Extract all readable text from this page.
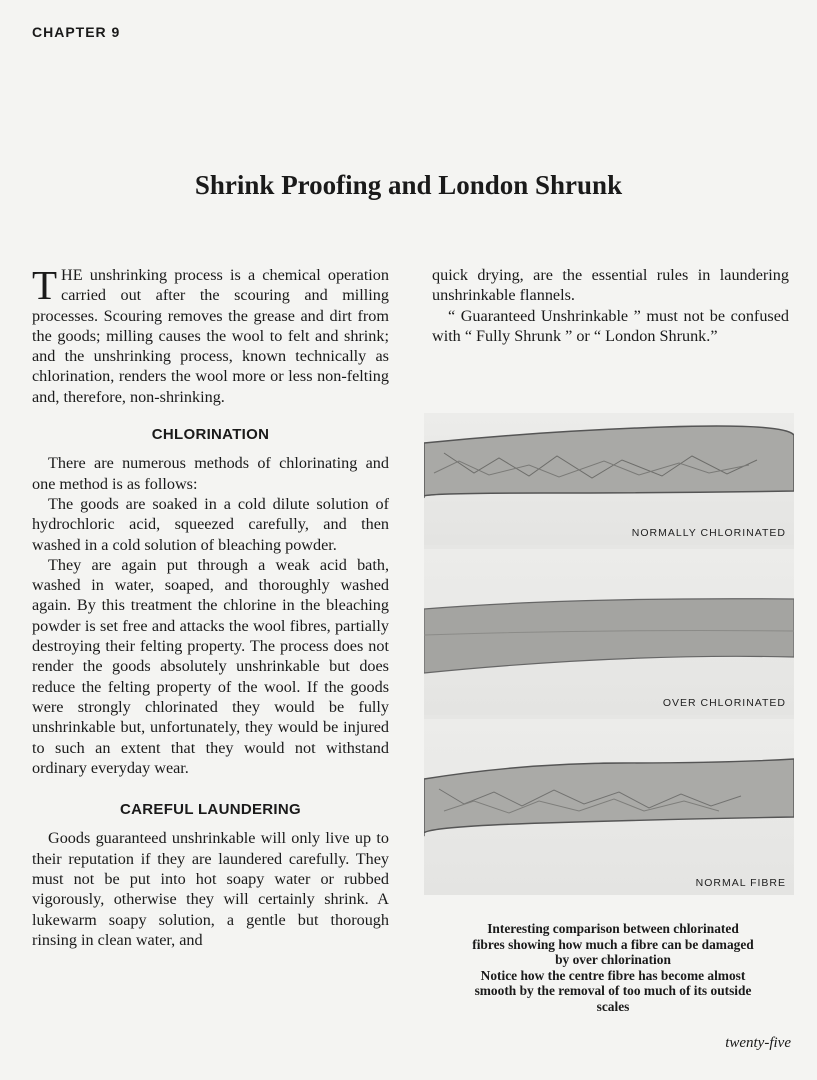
CHAPTER 9
Shrink Proofing and London Shrunk

THE unshrinking process is a chemical operation carried out after the scouring and milling processes. Scouring removes the grease and dirt from the goods; milling causes the wool to felt and shrink; and the unshrinking process, known technically as chlorination, renders the wool more or less non-felting and, therefore, non-shrinking.

CHLORINATION

There are numerous methods of chlorinating and one method is as follows:

The goods are soaked in a cold dilute solution of hydrochloric acid, squeezed carefully, and then washed in a cold solution of bleaching powder.

They are again put through a weak acid bath, washed in water, soaped, and thoroughly washed again. By this treatment the chlorine in the bleaching powder is set free and attacks the wool fibres, partially destroying their felting property. The process does not render the goods absolutely unshrinkable but does reduce the felting property of the wool. If the goods were strongly chlorinated they would be fully unshrinkable but, unfortunately, they would be injured to such an extent that they would not withstand ordinary everyday wear.

CAREFUL LAUNDERING

Goods guaranteed unshrinkable will only live up to their reputation if they are laundered carefully. They must not be put into hot soapy water or rubbed vigorously, otherwise they will certainly shrink. A lukewarm soapy solution, a gentle but thorough rinsing in clean water, and

quick drying, are the essential rules in laundering unshrinkable flannels.

“ Guaranteed Unshrinkable ” must not be confused with “ Fully Shrunk ” or “ London Shrunk.”

NORMALLY CHLORINATED
OVER CHLORINATED
NORMAL FIBRE
Interesting comparison between chlorinated
fibres showing how much a fibre can be damaged
by over chlorination
Notice how the centre fibre has become almost
smooth by the removal of too much of its outside
scales
twenty-five
